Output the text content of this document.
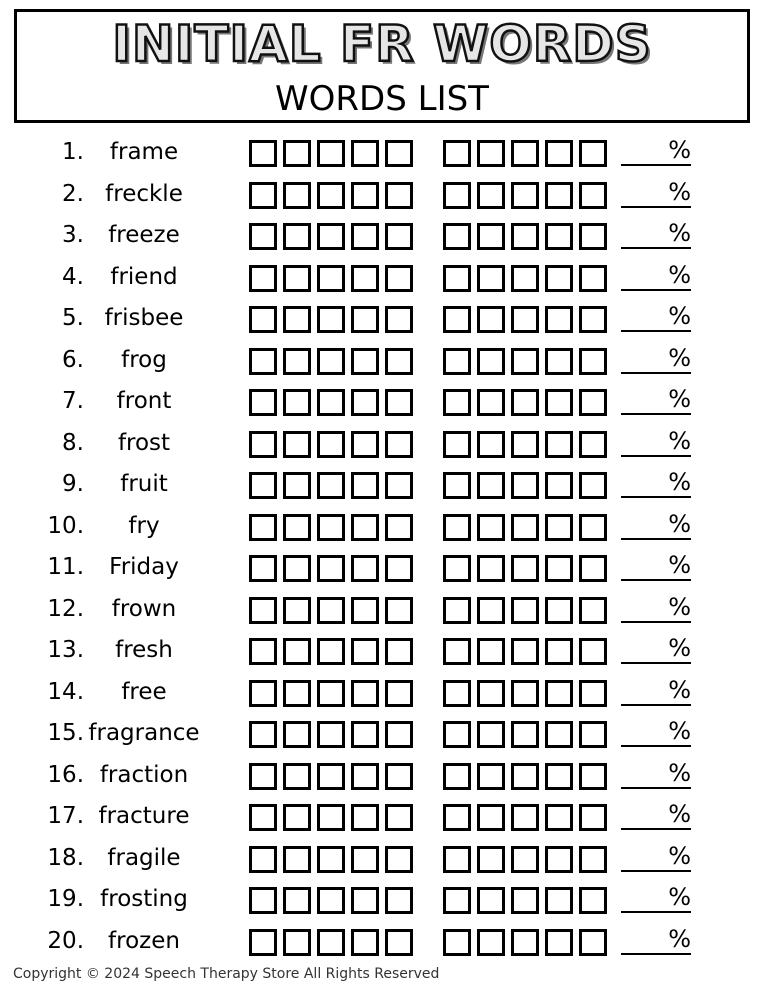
INITIAL FR WORDS
WORDS LIST
1.	frame	%
2. freckle	%
3.	freeze	%
4.	friend	%
5. frisbee	%
6.	frog	%
7.	front	%
8.	frost	%
9.	fruit	%
10.	fry	%
11.	Friday	%
12.	frown	%
13.	fresh	%
14.	free	%
15. fragrance	%
16. fraction	%
17. fracture	%
18.	fragile	%
19. frosting	%
20.	frozen	%
Copyright © 2024 Speech Therapy Store All Rights Reserved
